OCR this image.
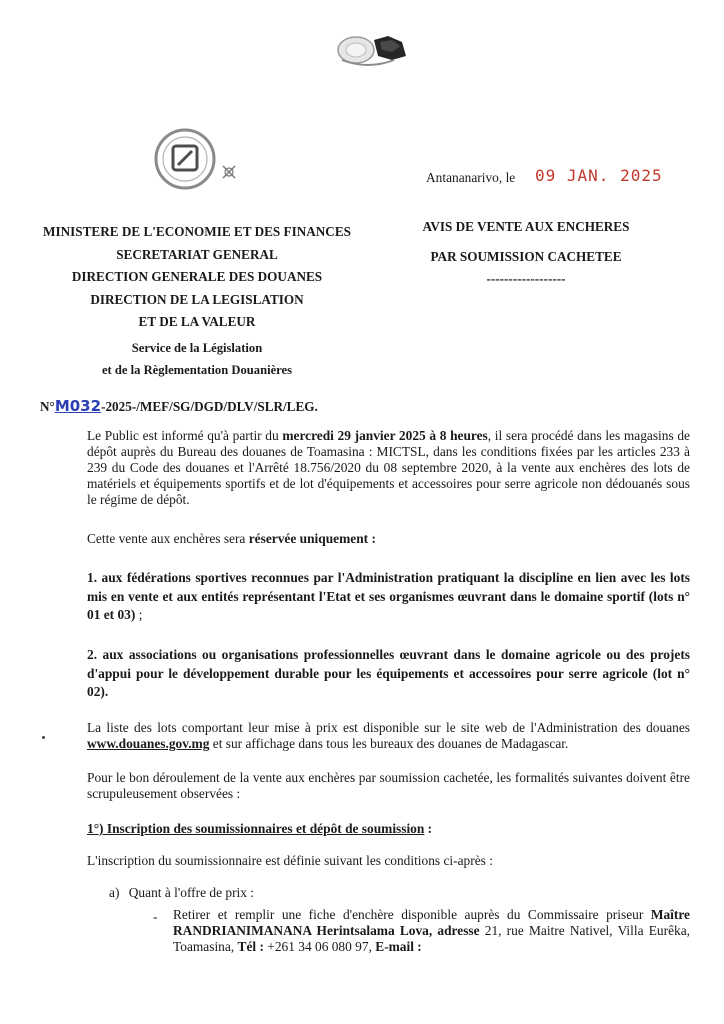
MINISTERE DE L'ECONOMIE ET DES FINANCES
SECRETARIAT GENERAL
DIRECTION GENERALE DES DOUANES
DIRECTION DE LA LEGISLATION
ET DE LA VALEUR
Service de la Législation
et de la Règlementation Douanières
Antananarivo, le 09 JAN. 2025
AVIS DE VENTE AUX ENCHERES
PAR SOUMISSION CACHETEE
------------------
N°M032-2025-/MEF/SG/DGD/DLV/SLR/LEG.
Le Public est informé qu'à partir du mercredi 29 janvier 2025 à 8 heures, il sera procédé dans les magasins de dépôt auprès du Bureau des douanes de Toamasina : MICTSL, dans les conditions fixées par les articles 233 à 239 du Code des douanes et l'Arrêté 18.756/2020 du 08 septembre 2020, à la vente aux enchères des lots de matériels et équipements sportifs et de lot d'équipements et accessoires pour serre agricole non dédouanés sous le régime de dépôt.
Cette vente aux enchères sera réservée uniquement :
1. aux fédérations sportives reconnues par l'Administration pratiquant la discipline en lien avec les lots mis en vente et aux entités représentant l'Etat et ses organismes œuvrant dans le domaine sportif (lots n° 01 et 03) ;
2. aux associations ou organisations professionnelles œuvrant dans le domaine agricole ou des projets d'appui pour le développement durable pour les équipements et accessoires pour serre agricole (lot n° 02).
La liste des lots comportant leur mise à prix est disponible sur le site web de l'Administration des douanes www.douanes.gov.mg et sur affichage dans tous les bureaux des douanes de Madagascar.
Pour le bon déroulement de la vente aux enchères par soumission cachetée, les formalités suivantes doivent être scrupuleusement observées :
1°) Inscription des soumissionnaires et dépôt de soumission :
L'inscription du soumissionnaire est définie suivant les conditions ci-après :
a) Quant à l'offre de prix :
- Retirer et remplir une fiche d'enchère disponible auprès du Commissaire priseur Maître RANDRIANIMANANA Herintsalama Lova, adresse 21, rue Maitre Nativel, Villa Eurêka, Toamasina, Tél : +261 34 06 080 97, E-mail :
